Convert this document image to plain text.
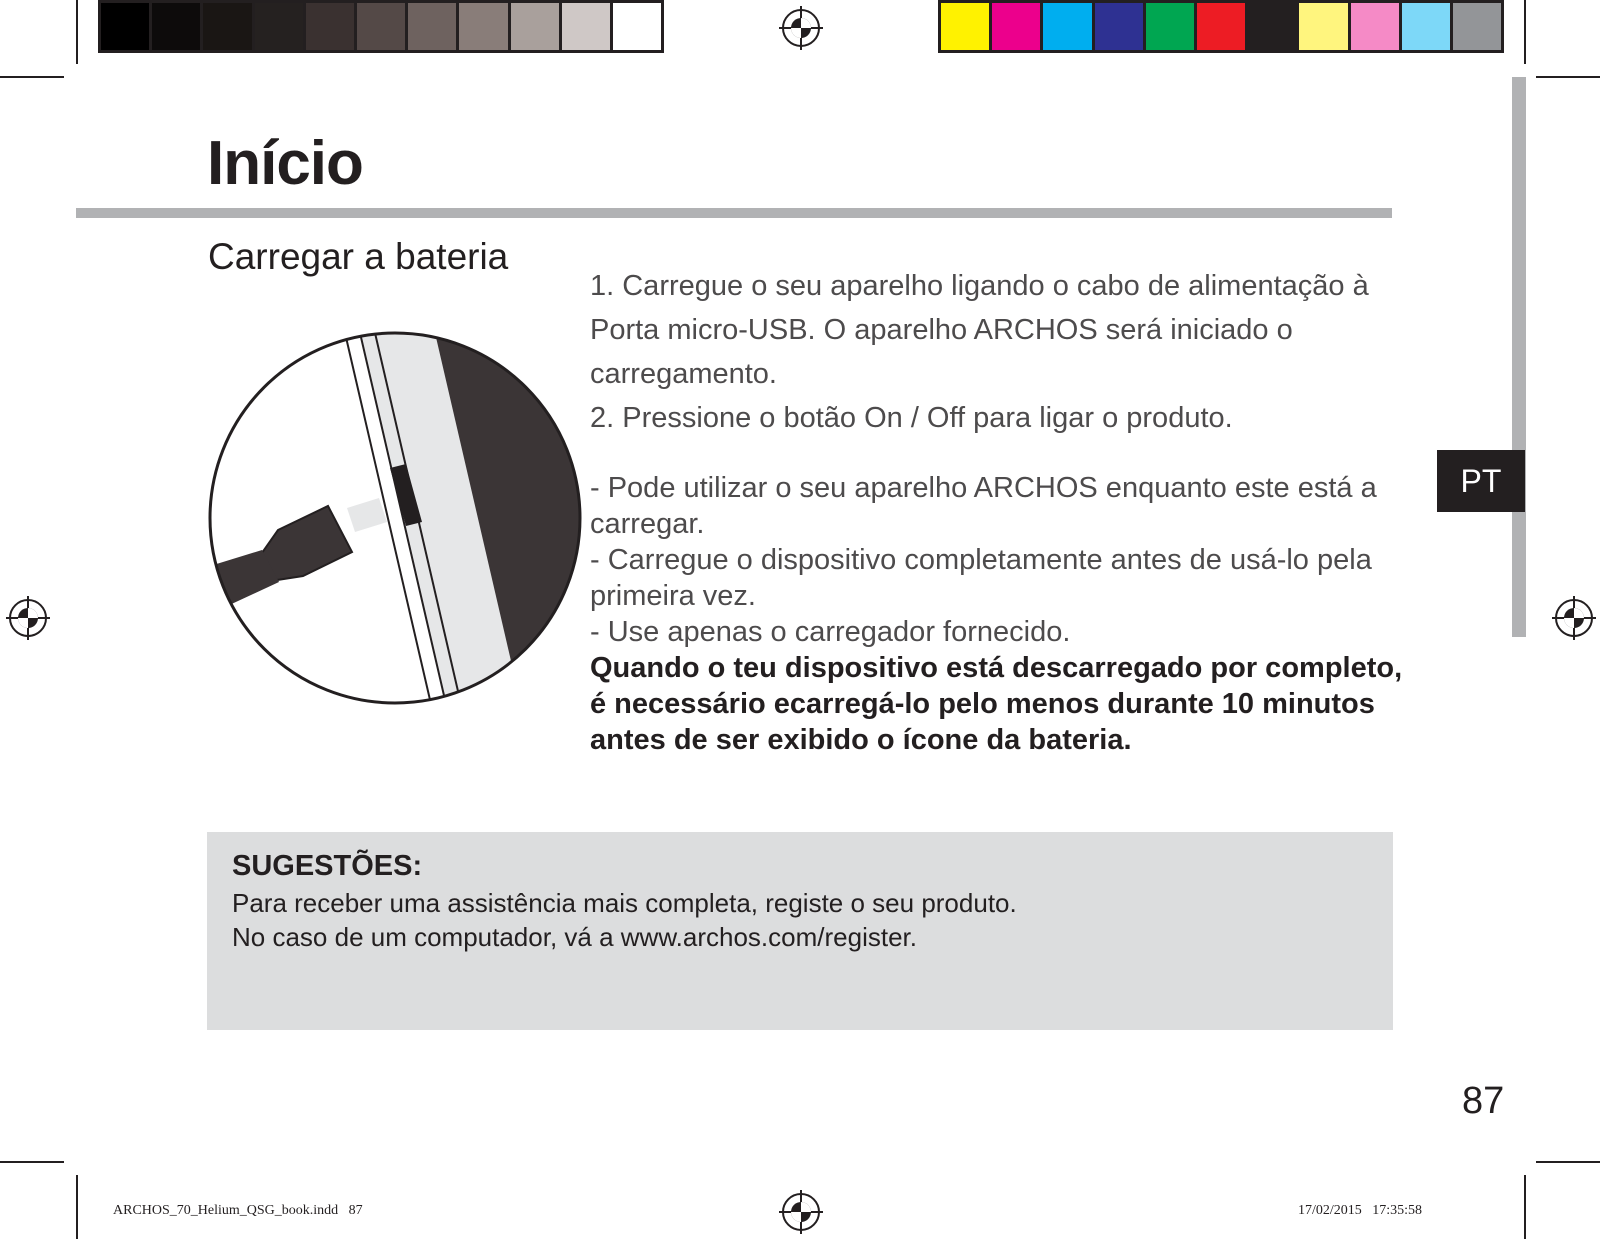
PT
Início
Carregar a bateria

1. Carregue o seu aparelho ligando o cabo de alimentação à Porta micro-USB. O aparelho ARCHOS será iniciado o carregamento.

2. Pressione o botão On / Off para ligar o produto.

- Pode utilizar o seu aparelho ARCHOS enquanto este está a carregar.

- Carregue o dispositivo completamente antes de usá-lo pela primeira vez.

- Use apenas o carregador fornecido.

Quando o teu dispositivo está descarregado por completo, é necessário ecarregá-lo pelo menos durante 10 minutos antes de ser exibido o ícone da bateria.

SUGESTÕES:
Para receber uma assistência mais completa, registe o seu produto.
No caso de um computador, vá a www.archos.com/register.
87
ARCHOS_70_Helium_QSG_book.indd   87	17/02/2015   17:35:58
